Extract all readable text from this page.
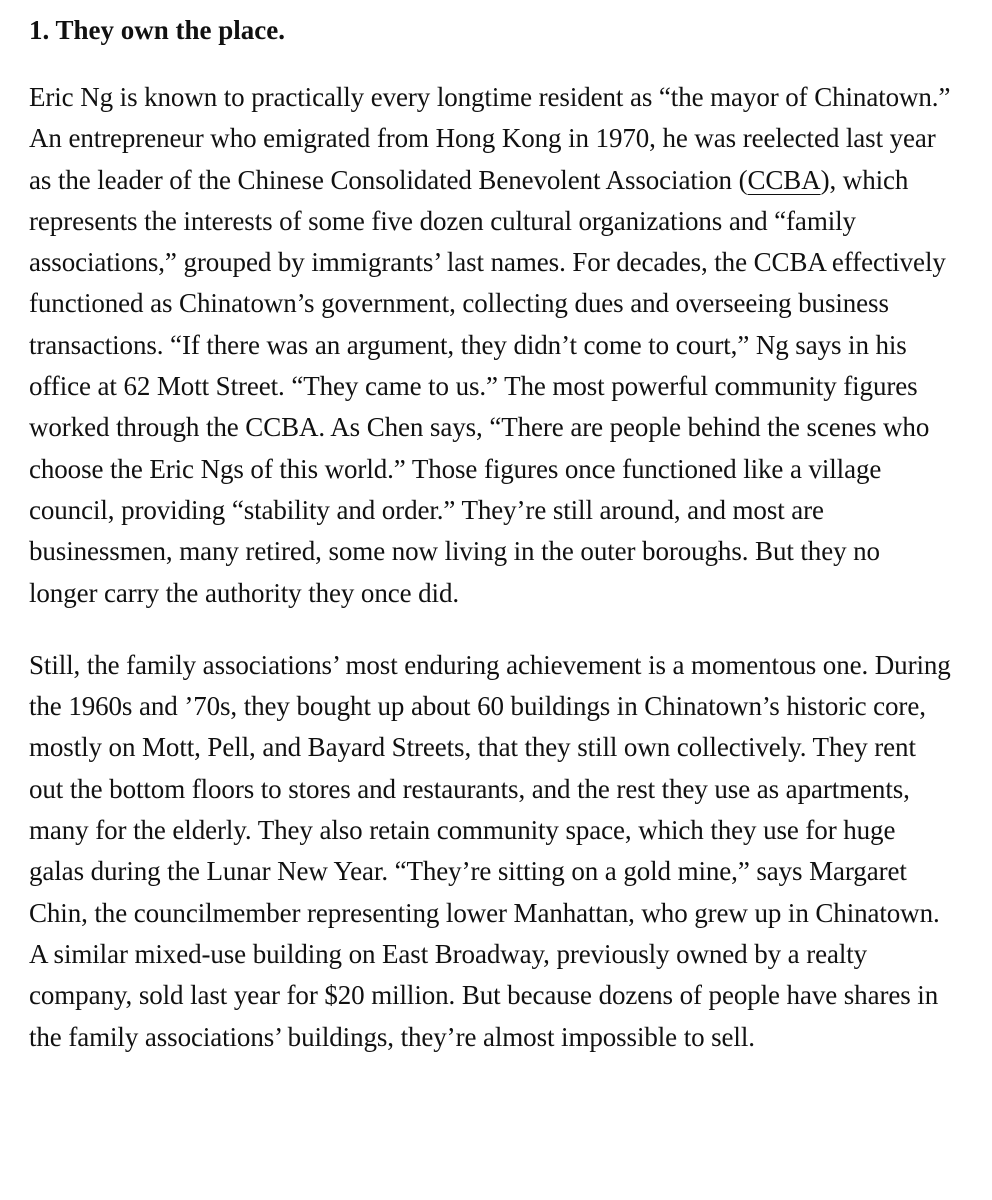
1. They own the place.

Eric Ng is known to practically every longtime resident as “the mayor of Chinatown.” An entrepreneur who emigrated from Hong Kong in 1970, he was reelected last year as the leader of the Chinese Consolidated Benevolent Association (CCBA), which represents the interests of some five dozen cultural organizations and “family associations,” grouped by immigrants’ last names. For decades, the CCBA effectively functioned as Chinatown’s government, collecting dues and overseeing business transactions. “If there was an argument, they didn’t come to court,” Ng says in his office at 62 Mott Street. “They came to us.” The most powerful community figures worked through the CCBA. As Chen says, “There are people behind the scenes who choose the Eric Ngs of this world.” Those figures once functioned like a village council, providing “stability and order.” They’re still around, and most are businessmen, many retired, some now living in the outer boroughs. But they no longer carry the authority they once did.

Still, the family associations’ most enduring achievement is a momentous one. During the 1960s and ’70s, they bought up about 60 buildings in Chinatown’s historic core, mostly on Mott, Pell, and Bayard Streets, that they still own collectively. They rent out the bottom floors to stores and restaurants, and the rest they use as apartments, many for the elderly. They also retain community space, which they use for huge galas during the Lunar New Year. “They’re sitting on a gold mine,” says Margaret Chin, the councilmember representing lower Manhattan, who grew up in Chinatown. A similar mixed-use building on East Broadway, previously owned by a realty company, sold last year for $20 million. But because dozens of people have shares in the family associations’ buildings, they’re almost impossible to sell.
